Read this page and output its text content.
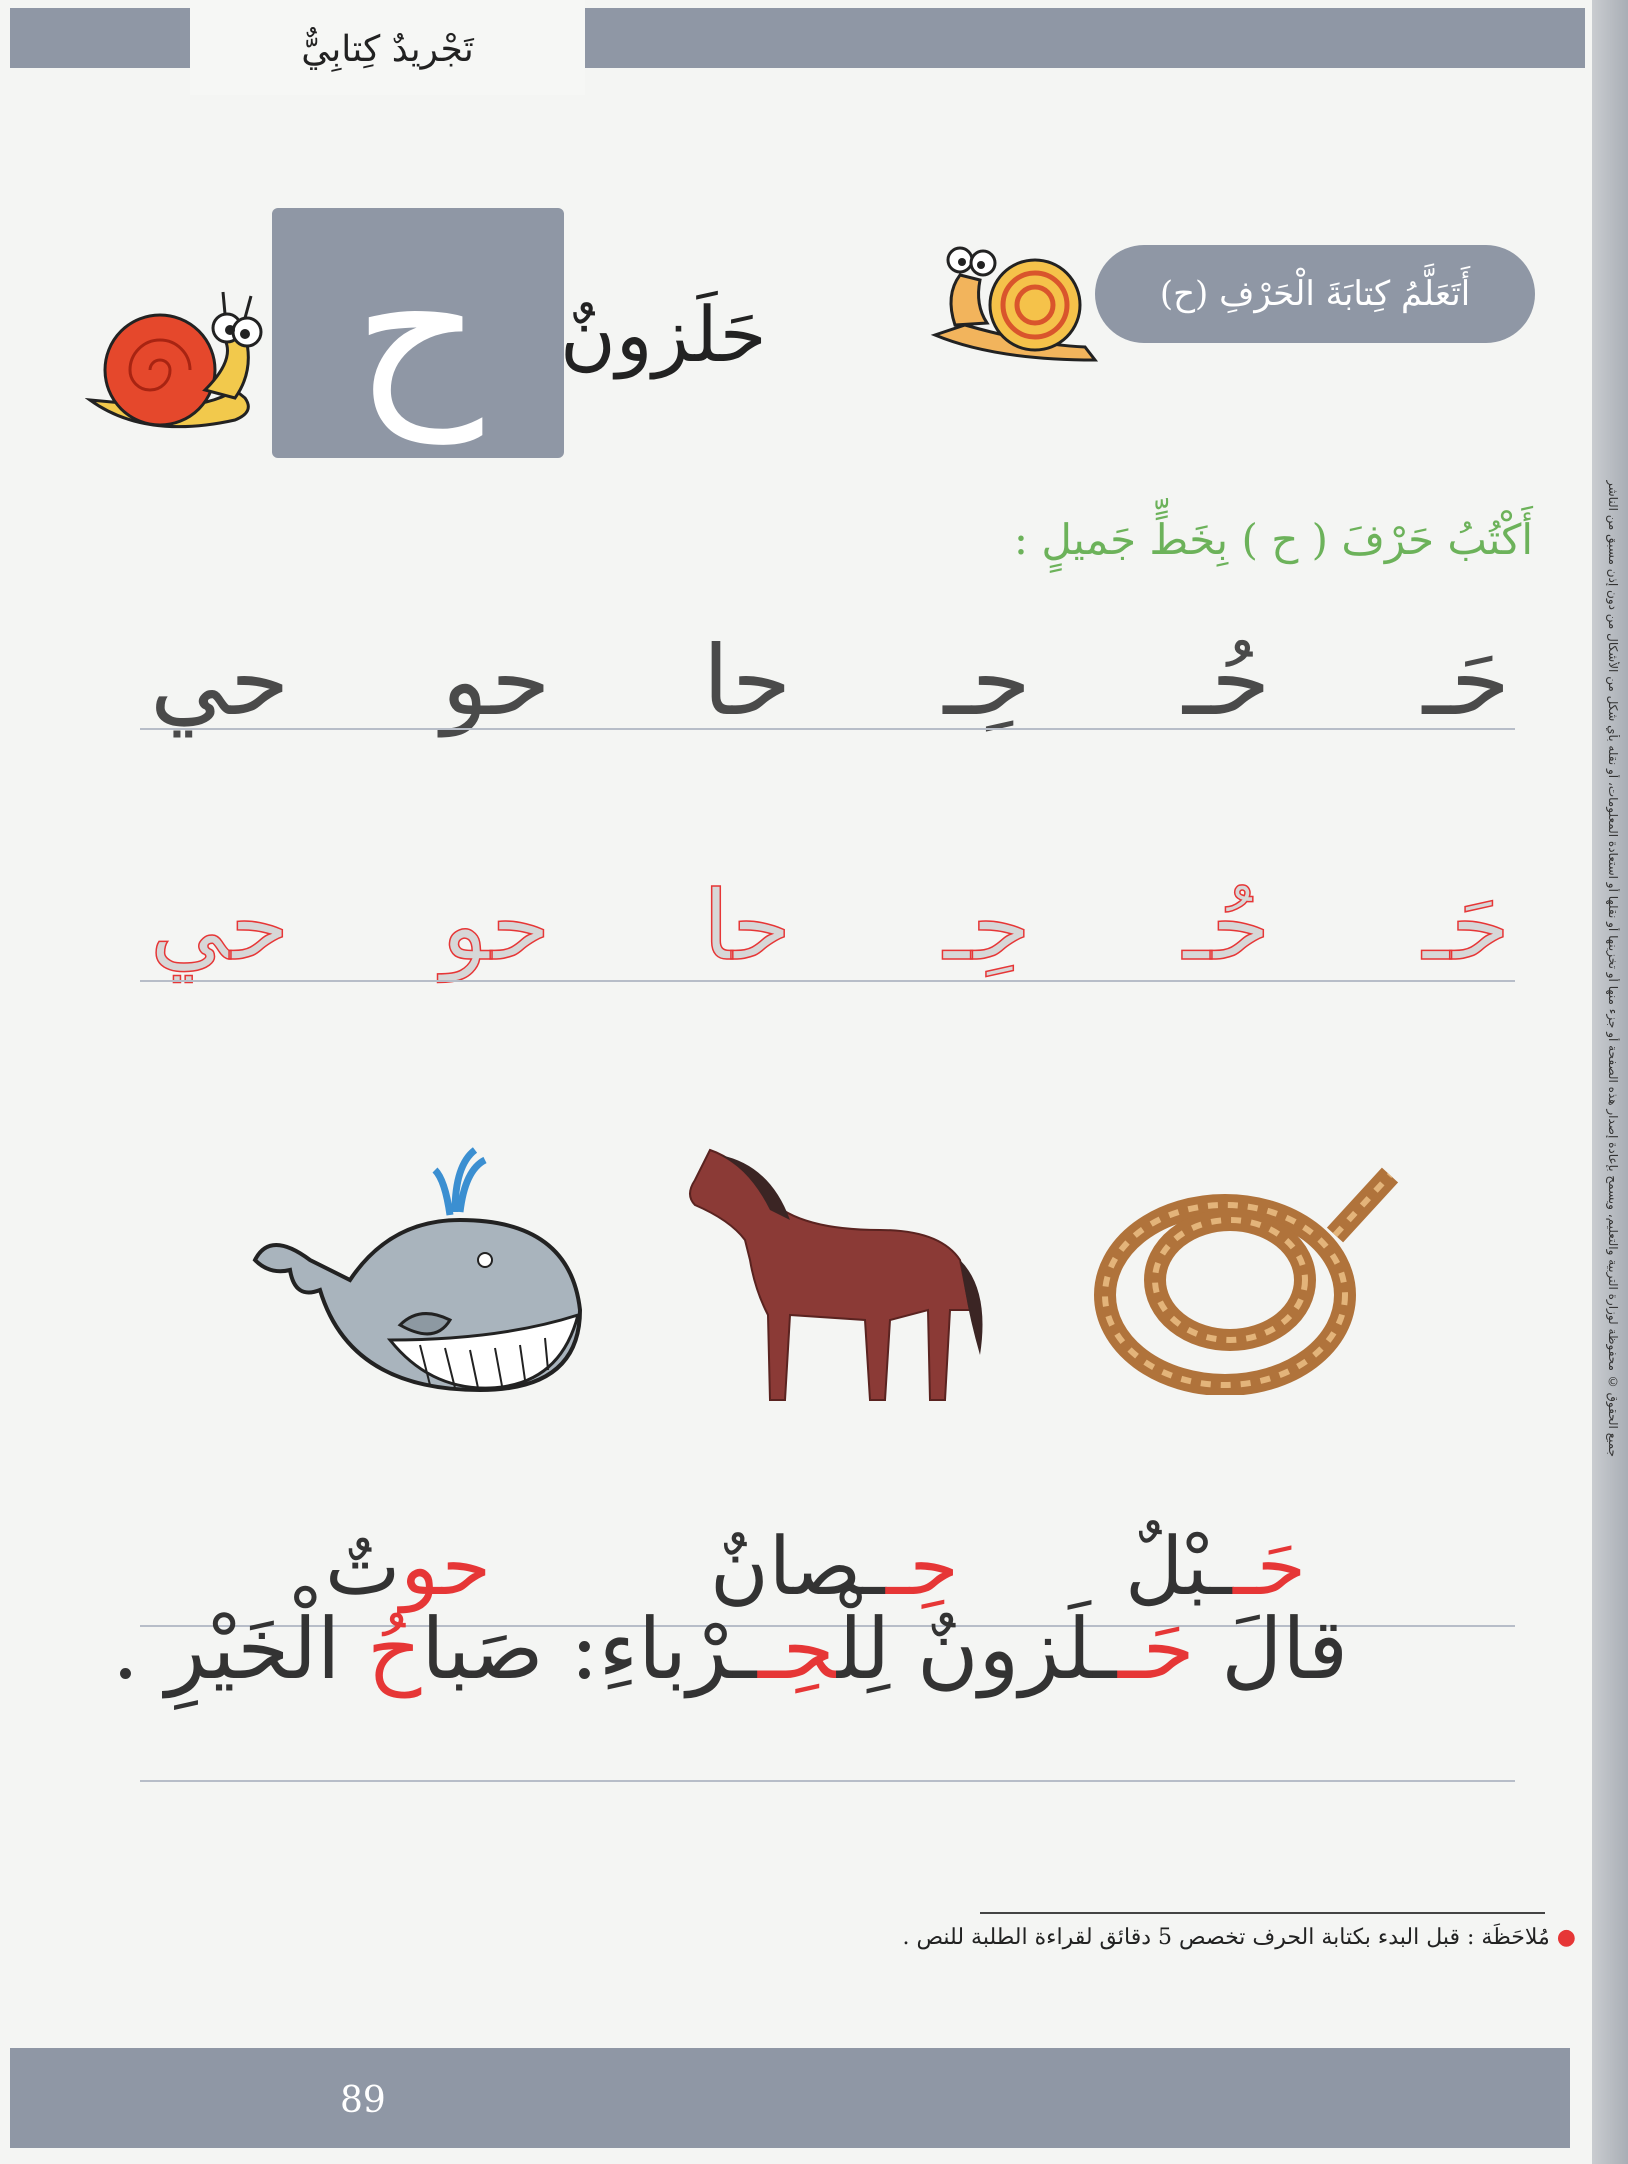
تَجْريدٌ كِتابِيٌّ
جميع الحقوق © محفوظة لوزارة التربية والتعليم، ويسمح بإعادة إصدار هذه الصفحة أو جزء منها أو تخزينها أو نقلها أو استعادة المعلومات، أو نقله بأي شكل من الأشكال من دون إذن مسبق من الناشر
ح	حَلَزونٌ	أَتَعَلَّمُ كِتابَةَ الْحَرْفِ (ح)
أَكْتُبُ حَرْفَ ( ح ) بِخَطٍّ جَميلٍ :
حَـ
حُـ
حِـ
حا
حو
حي
حَـ
حُـ
حِـ
حا
حو
حي
حَــبْلٌ
حِــصانٌ
حوتٌ
قالَ حَــلَزونٌ لِلْحِــرْباءِ: صَباحُ الْخَيْرِ .
● مُلاحَظَة : قبل البدء بكتابة الحرف تخصص 5 دقائق لقراءة الطلبة للنص .
89
